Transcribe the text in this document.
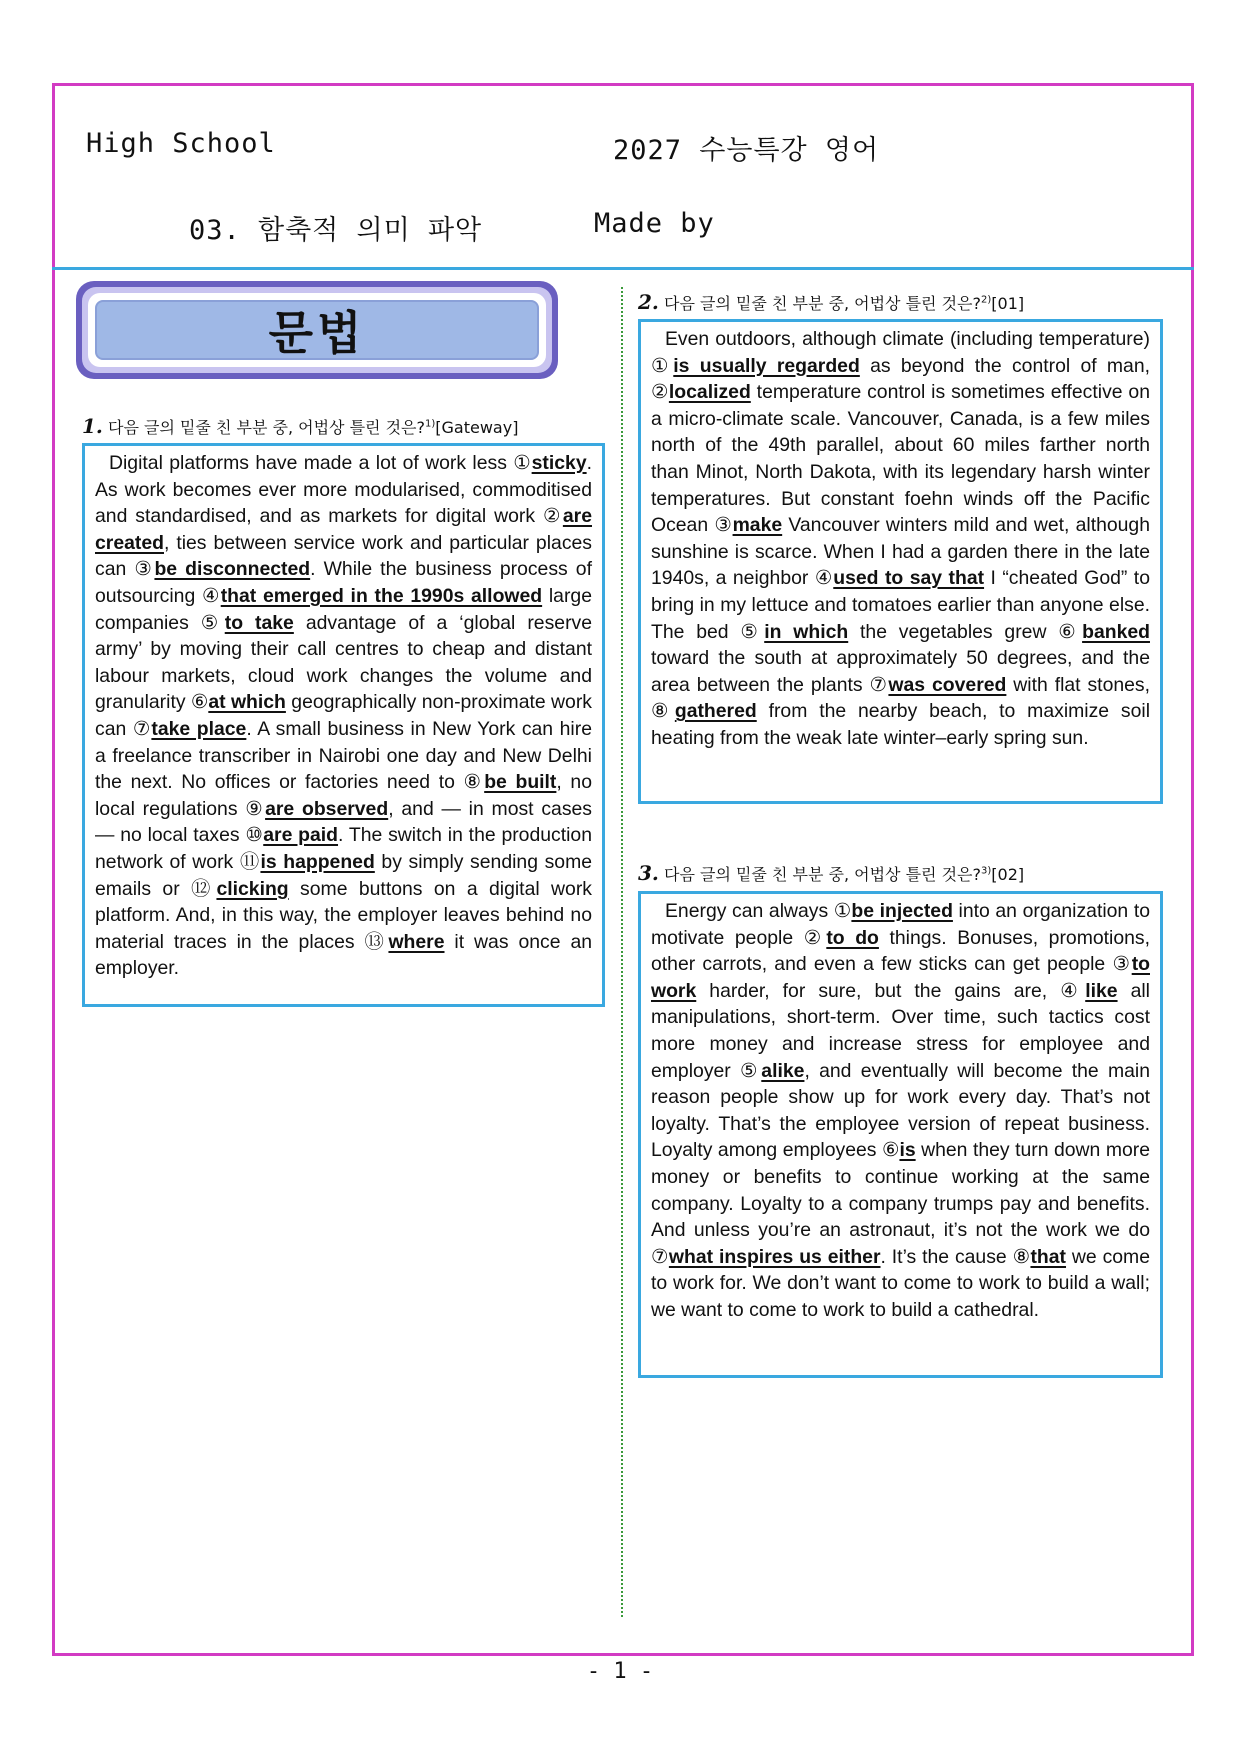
High School	2027 수능특강 영어
03. 함축적 의미 파악	Made by
문법
1. 다음 글의 밑줄 친 부분 중, 어법상 틀린 것은?$^{1)}$[Gateway]

Digital platforms have made a lot of work less ①sticky. As work becomes ever more modularised, commoditised and standardised, and as markets for digital work ②are created, ties between service work and particular places can ③be disconnected. While the business process of outsourcing ④that emerged in the 1990s allowed large companies ⑤to take advantage of a ‘global reserve army’ by moving their call centres to cheap and distant labour markets, cloud work changes the volume and granularity ⑥at which geographically non-proximate work can ⑦take place. A small business in New York can hire a freelance transcriber in Nairobi one day and New Delhi the next. No offices or factories need to ⑧be built, no local regulations ⑨are observed, and — in most cases — no local taxes ⑩are paid. The switch in the production network of work ⑪is happened by simply sending some emails or ⑫clicking some buttons on a digital work platform. And, in this way, the employer leaves behind no material traces in the places ⑬where it was once an employer.

2. 다음 글의 밑줄 친 부분 중, 어법상 틀린 것은?$^{2)}$[01]

Even outdoors, although climate (including temperature) ①is usually regarded as beyond the control of man, ②localized temperature control is sometimes effective on a micro-climate scale. Vancouver, Canada, is a few miles north of the 49th parallel, about 60 miles farther north than Minot, North Dakota, with its legendary harsh winter temperatures. But constant foehn winds off the Pacific Ocean ③make Vancouver winters mild and wet, although sunshine is scarce. When I had a garden there in the late 1940s, a neighbor ④used to say that I “cheated God” to bring in my lettuce and tomatoes earlier than anyone else. The bed ⑤in which the vegetables grew ⑥banked toward the south at approximately 50 degrees, and the area between the plants ⑦was covered with flat stones, ⑧gathered from the nearby beach, to maximize soil heating from the weak late winter–early spring sun.

3. 다음 글의 밑줄 친 부분 중, 어법상 틀린 것은?$^{3)}$[02]

Energy can always ①be injected into an organization to motivate people ②to do things. Bonuses, promotions, other carrots, and even a few sticks can get people ③to work harder, for sure, but the gains are, ④like all manipulations, short-term. Over time, such tactics cost more money and increase stress for employee and employer ⑤alike, and eventually will become the main reason people show up for work every day. That’s not loyalty. That’s the employee version of repeat business. Loyalty among employees ⑥is when they turn down more money or benefits to continue working at the same company. Loyalty to a company trumps pay and benefits. And unless you’re an astronaut, it’s not the work we do ⑦what inspires us either. It’s the cause ⑧that we come to work for. We don’t want to come to work to build a wall; we want to come to work to build a cathedral.

- 1 -
